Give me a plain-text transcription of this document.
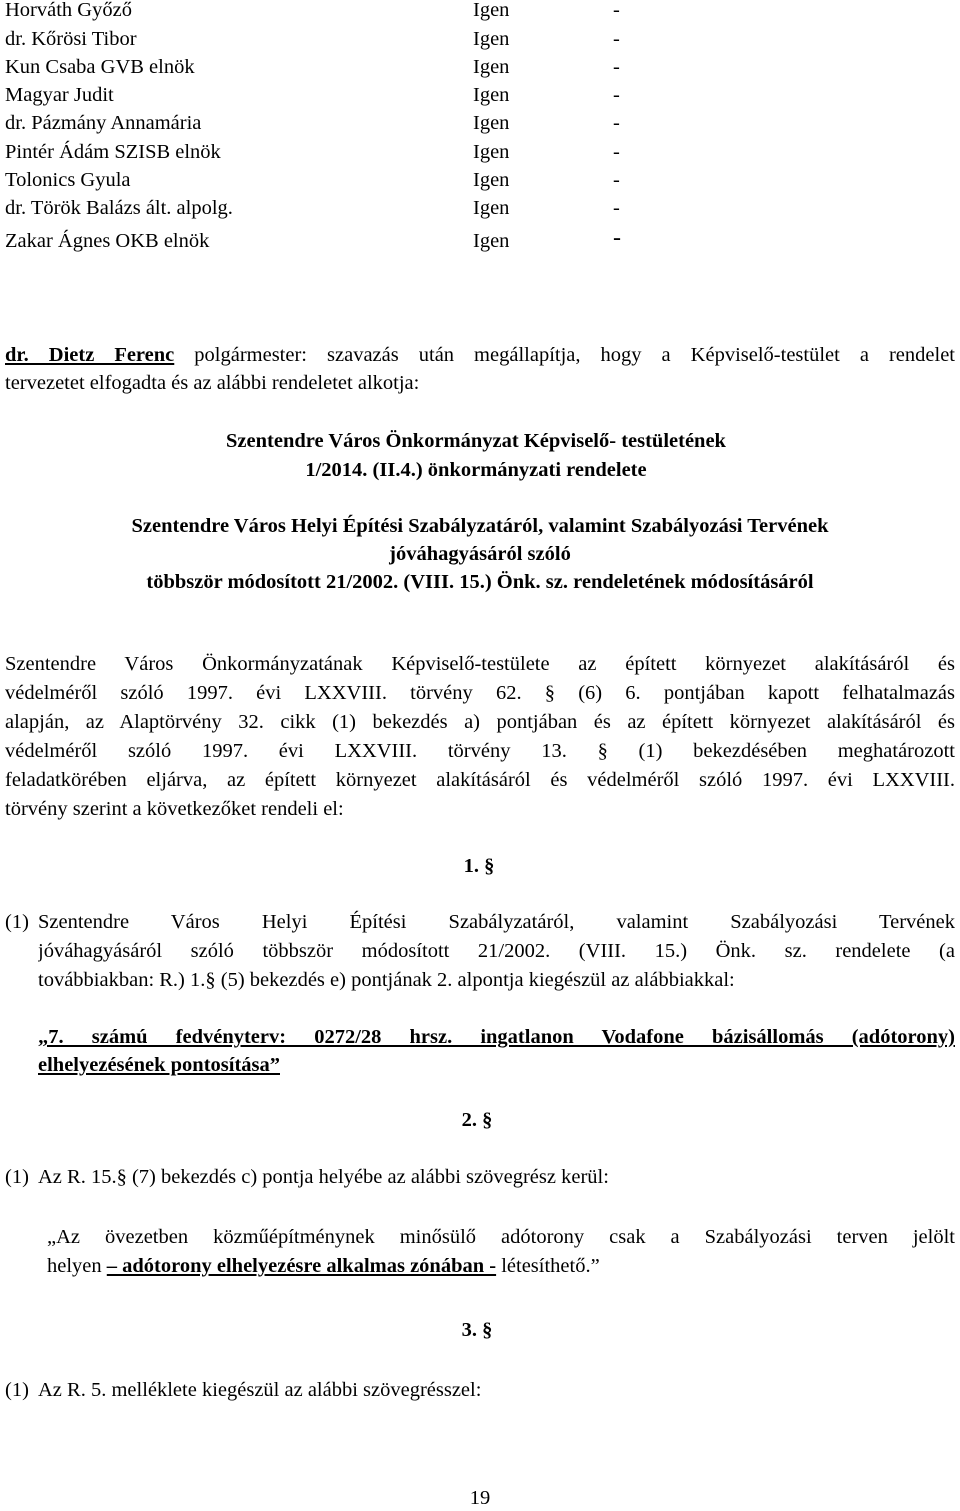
Horváth Győző	Igen	-
dr. Kőrösi Tibor	Igen	-
Kun Csaba GVB elnök	Igen	-
Magyar Judit	Igen	-
dr. Pázmány Annamária	Igen	-
Pintér Ádám SZISB elnök	Igen	-
Tolonics Gyula	Igen	-
dr. Török Balázs ált. alpolg.	Igen	-
Zakar Ágnes OKB elnök	Igen	-
dr. Dietz Ferenc polgármester: szavazás után megállapítja, hogy a Képviselő-testület a rendelet
tervezetet elfogadta és az alábbi rendeletet alkotja:
Szentendre Város Önkormányzat Képviselő- testületének
1/2014. (II.4.) önkormányzati rendelete
Szentendre Város Helyi Építési Szabályzatáról, valamint Szabályozási Tervének
jóváhagyásáról szóló
többször módosított 21/2002. (VIII. 15.) Önk. sz. rendeletének módosításáról
Szentendre Város Önkormányzatának Képviselő-testülete az épített környezet alakításáról és
védelméről szóló 1997. évi LXXVIII. törvény 62. § (6) 6. pontjában kapott felhatalmazás
alapján, az Alaptörvény 32. cikk (1) bekezdés a) pontjában és az épített környezet alakításáról és
védelméről szóló 1997. évi LXXVIII. törvény 13. § (1) bekezdésében meghatározott
feladatkörében eljárva, az épített környezet alakításáról és védelméről szóló 1997. évi LXXVIII.
törvény szerint a következőket rendeli el:
1. §
(1) Szentendre Város Helyi Építési Szabályzatáról, valamint Szabályozási Tervének
jóváhagyásáról szóló többször módosított 21/2002. (VIII. 15.) Önk. sz. rendelete (a
továbbiakban: R.) 1.§ (5) bekezdés e) pontjának 2. alpontja kiegészül az alábbiakkal:
„7. számú fedvényterv: 0272/28 hrsz. ingatlanon Vodafone bázisállomás (adótorony)
elhelyezésének pontosítása”
2. §
(1) Az R. 15.§ (7) bekezdés c) pontja helyébe az alábbi szövegrész kerül:
„Az övezetben közműépítménynek minősülő adótorony csak a Szabályozási terven jelölt
helyen – adótorony elhelyezésre alkalmas zónában - létesíthető.”
3. §
(1) Az R. 5. melléklete kiegészül az alábbi szövegrésszel:
19
